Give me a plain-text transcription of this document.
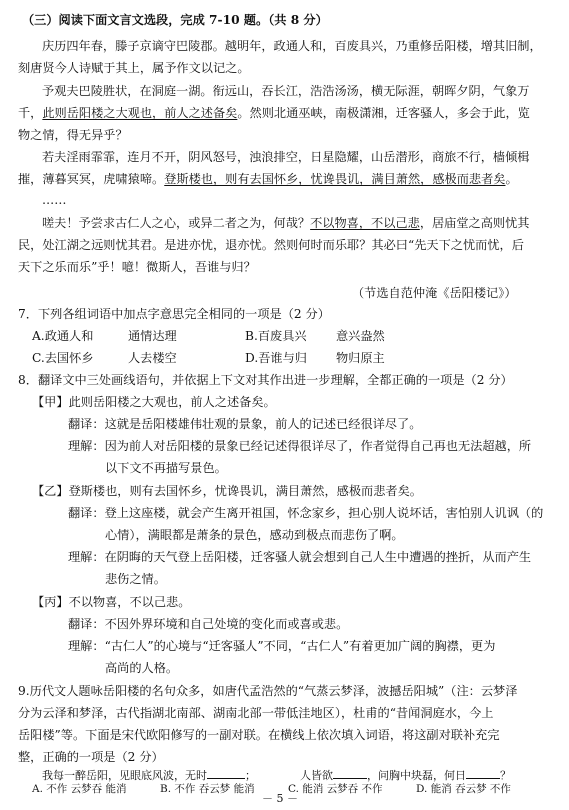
（三）阅读下面文言文选段，完成 7-10 题。（共 8 分）
庆历四年春，滕子京谪守巴陵郡。越明年，政通人和，百废具兴，乃重修岳阳楼，增其旧制，
刻唐贤今人诗赋于其上，属予作文以记之。
予观夫巴陵胜状，在洞庭一湖。衔远山，吞长江，浩浩汤汤，横无际涯，朝晖夕阴，气象万
千，此则岳阳楼之大观也，前人之述备矣。然则北通巫峡，南极潇湘，迁客骚人，多会于此，览
物之情，得无异乎？
若夫淫雨霏霏，连月不开，阴风怒号，浊浪排空，日星隐耀，山岳潜形，商旅不行，樯倾楫
摧，薄暮冥冥，虎啸猿啼。登斯楼也，则有去国怀乡，忧谗畏讥，满目萧然，感极而悲者矣。
……
嗟夫！予尝求古仁人之心，或异二者之为，何哉？不以物喜，不以己悲，居庙堂之高则忧其
民，处江湖之远则忧其君。是进亦忧，退亦忧。然则何时而乐耶？其必曰“先天下之忧而忧，后
天下之乐而乐”乎！噫！微斯人，吾谁与归？
（节选自范仲淹《岳阳楼记》）
7．下列各组词语中加点字意思完全相同的一项是（2 分）
A.政通人和	通情达理	B.百废具兴 意兴盎然
C.去国怀乡	人去楼空	D.吾谁与归 物归原主
8．翻译文中三处画线语句，并依据上下文对其作出进一步理解，全都正确的一项是（2 分）
【甲】此则岳阳楼之大观也，前人之述备矣。
翻译：这就是岳阳楼雄伟壮观的景象，前人的记述已经很详尽了。
理解：因为前人对岳阳楼的景象已经记述得很详尽了，作者觉得自己再也无法超越，所
以下文不再描写景色。
【乙】登斯楼也，则有去国怀乡，忧谗畏讥，满目萧然，感极而悲者矣。
翻译：登上这座楼，就会产生离开祖国，怀念家乡，担心别人说坏话，害怕别人讥讽（的
心情），满眼都是萧条的景色，感动到极点而悲伤了啊。
理解：在阴晦的天气登上岳阳楼，迁客骚人就会想到自己人生中遭遇的挫折，从而产生
悲伤之情。
【丙】不以物喜，不以己悲。
翻译：不因外界环境和自己处境的变化而或喜或悲。
理解：“古仁人”的心境与“迁客骚人”不同，“古仁人”有着更加广阔的胸襟，更为
高尚的人格。
9.历代文人题咏岳阳楼的名句众多，如唐代孟浩然的“气蒸云梦泽，波撼岳阳城”（注：云梦泽
分为云泽和梦泽，古代指湖北南部、湖南北部一带低洼地区），杜甫的“昔闻洞庭水，今上
岳阳楼”等。下面是宋代欧阳修写的一副对联。在横线上依次填入词语，将这副对联补充完
整，正确的一项是（2 分）
我每一醉岳阳，见眼底风波，无时	；	人皆欲	，问胸中块磊，何日	？
A. 不作 云梦吞 能消	B. 不作 吞云梦 能消	C. 能消 云梦吞 不作	D. 能消 吞云梦 不作
－ 5 －
